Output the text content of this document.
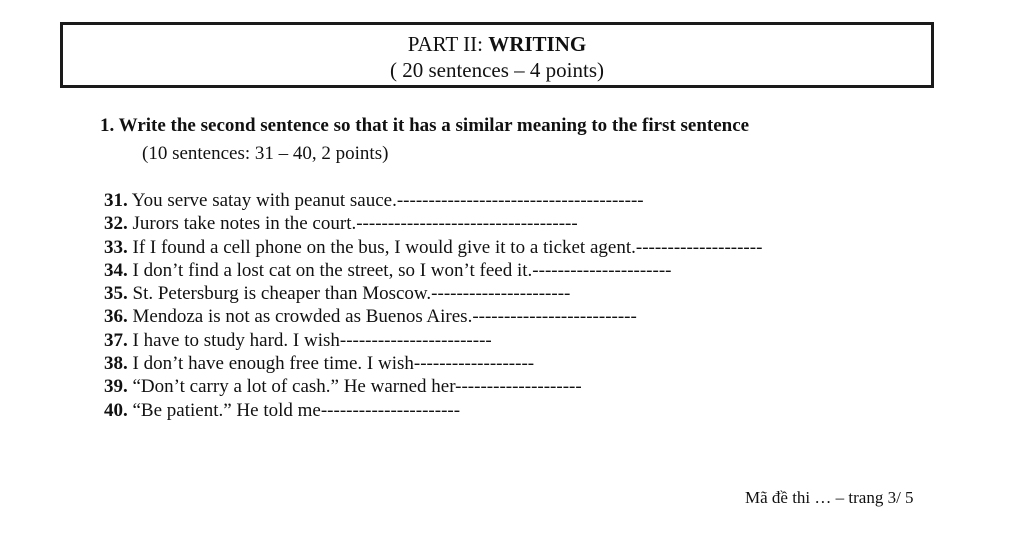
PART II: WRITING
( 20 sentences – 4 points)
1. Write the second sentence so that it has a similar meaning to the first sentence
(10 sentences: 31 – 40, 2 points)
31. You serve satay with peanut sauce.---------------------------------------
32. Jurors take notes in the court.-----------------------------------
33. If I found a cell phone on the bus, I would give it to a ticket agent.--------------------
34. I don’t find a lost cat on the street, so I won’t feed it.----------------------
35. St. Petersburg is cheaper than Moscow.----------------------
36. Mendoza is not as crowded as Buenos Aires.--------------------------
37. I have to study hard. I wish------------------------
38. I don’t have enough free time. I wish-------------------
39. “Don’t carry a lot of cash.” He warned her--------------------
40. “Be patient.” He told me----------------------
Mã đề thi … – trang 3/ 5
